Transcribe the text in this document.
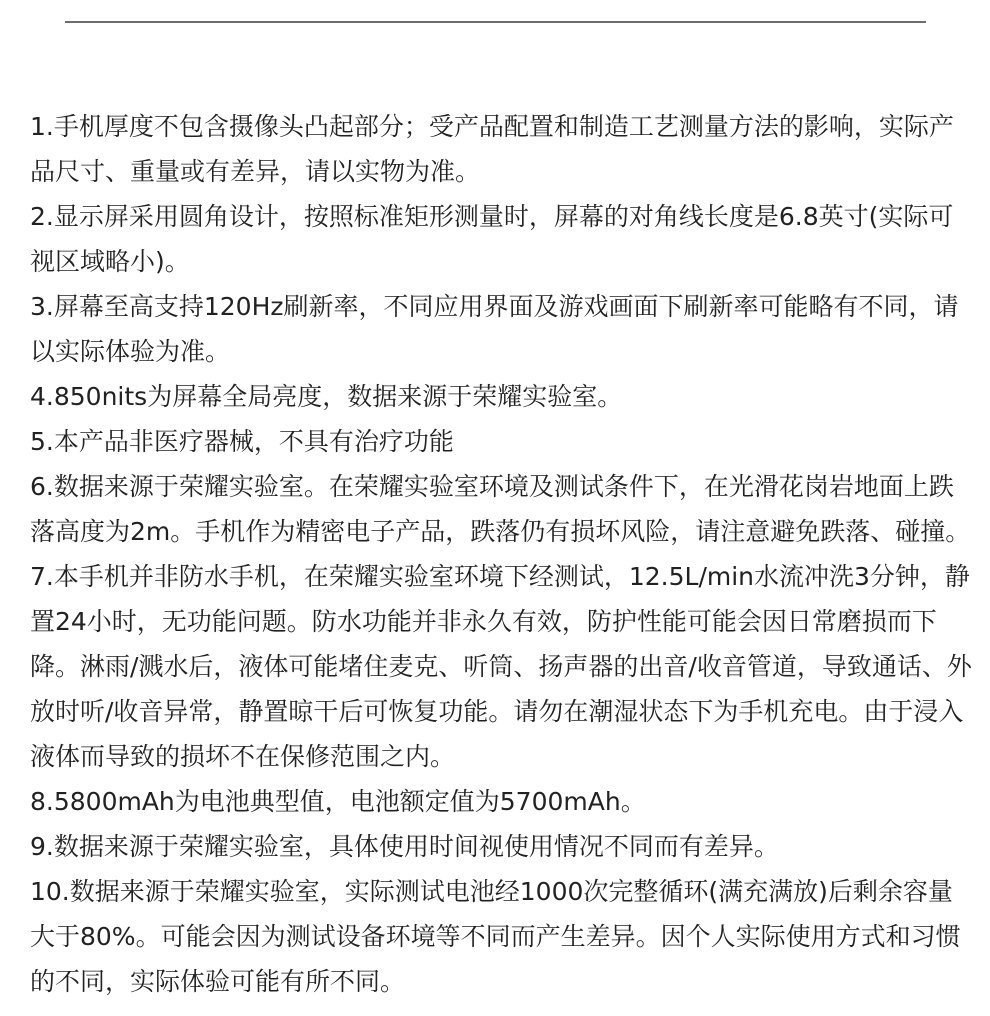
1.手机厚度不包含摄像头凸起部分；受产品配置和制造工艺测量方法的影响，实际产品尺寸、重量或有差异，请以实物为准。
2.显示屏采用圆角设计，按照标准矩形测量时，屏幕的对角线长度是6.8英寸(实际可视区域略小)。
3.屏幕至高支持120Hz刷新率，不同应用界面及游戏画面下刷新率可能略有不同，请以实际体验为准。
4.850nits为屏幕全局亮度，数据来源于荣耀实验室。
5.本产品非医疗器械，不具有治疗功能
6.数据来源于荣耀实验室。在荣耀实验室环境及测试条件下，在光滑花岗岩地面上跌落高度为2m。手机作为精密电子产品，跌落仍有损坏风险，请注意避免跌落、碰撞。
7.本手机并非防水手机，在荣耀实验室环境下经测试，12.5L/min水流冲洗3分钟，静置24小时，无功能问题。防水功能并非永久有效，防护性能可能会因日常磨损而下降。淋雨/溅水后，液体可能堵住麦克、听筒、扬声器的出音/收音管道，导致通话、外放时听/收音异常，静置晾干后可恢复功能。请勿在潮湿状态下为手机充电。由于浸入液体而导致的损坏不在保修范围之内。
8.5800mAh为电池典型值，电池额定值为5700mAh。
9.数据来源于荣耀实验室，具体使用时间视使用情况不同而有差异。
10.数据来源于荣耀实验室，实际测试电池经1000次完整循环(满充满放)后剩余容量大于80%。可能会因为测试设备环境等不同而产生差异。因个人实际使用方式和习惯的不同，实际体验可能有所不同。
